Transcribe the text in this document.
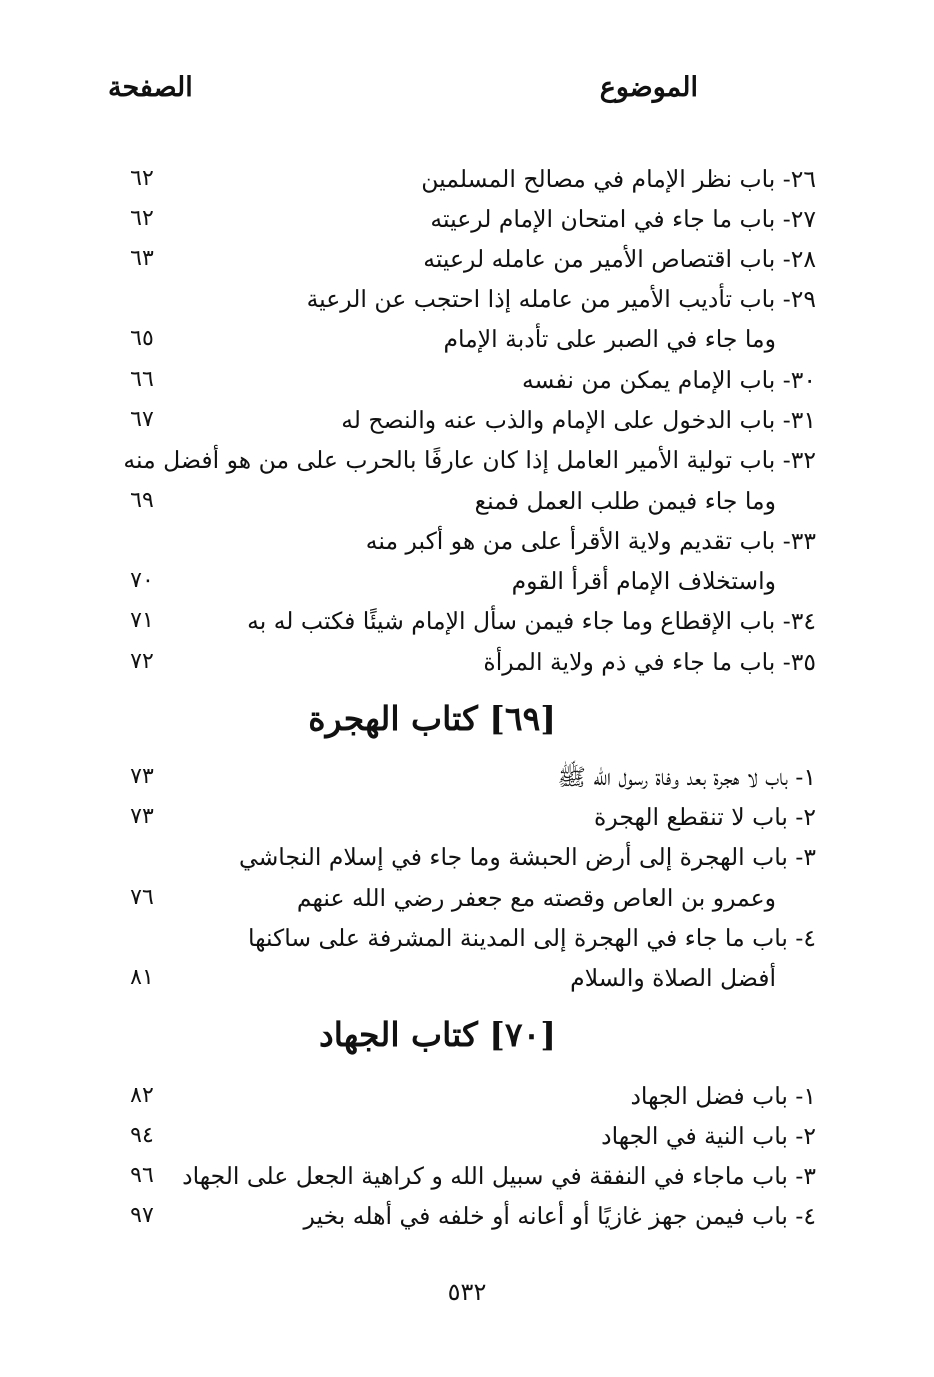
الموضوع
الصفحة
٢٦- باب نظر الإمام في مصالح المسلمين
٦٢
٢٧- باب ما جاء في امتحان الإمام لرعيته
٦٢
٢٨- باب اقتصاص الأمير من عامله لرعيته
٦٣
٢٩- باب تأديب الأمير من عامله إذا احتجب عن الرعية
وما جاء في الصبر على تأدبة الإمام
٦٥
٣٠- باب الإمام يمكن من نفسه
٦٦
٣١- باب الدخول على الإمام والذب عنه والنصح له
٦٧
٣٢- باب تولية الأمير العامل إذا كان عارفًا بالحرب على من هو أفضل منه
وما جاء فيمن طلب العمل فمنع
٦٩
٣٣- باب تقديم ولاية الأقرأ على من هو أكبر منه
واستخلاف الإمام أقرأ القوم
٧٠
٣٤- باب الإقطاع وما جاء فيمن سأل الإمام شيئًا فكتب له به
٧١
٣٥- باب ما جاء في ذم ولاية المرأة
٧٢
[٦٩] كتاب الهجرة
١- باب لا هجرة بعد وفاة رسول الله ﷺ
٧٣
٢- باب لا تنقطع الهجرة
٧٣
٣- باب الهجرة إلى أرض الحبشة وما جاء في إسلام النجاشي
وعمرو بن العاص وقصته مع جعفر رضي الله عنهم
٧٦
٤- باب ما جاء في الهجرة إلى المدينة المشرفة على ساكنها
أفضل الصلاة والسلام
٨١
[٧٠] كتاب الجهاد
١- باب فضل الجهاد
٨٢
٢- باب النية في الجهاد
٩٤
٣- باب ماجاء في النفقة في سبيل الله و كراهية الجعل على الجهاد
٩٦
٤- باب فيمن جهز غازيًا أو أعانه أو خلفه في أهله بخير
٩٧
٥٣٢
